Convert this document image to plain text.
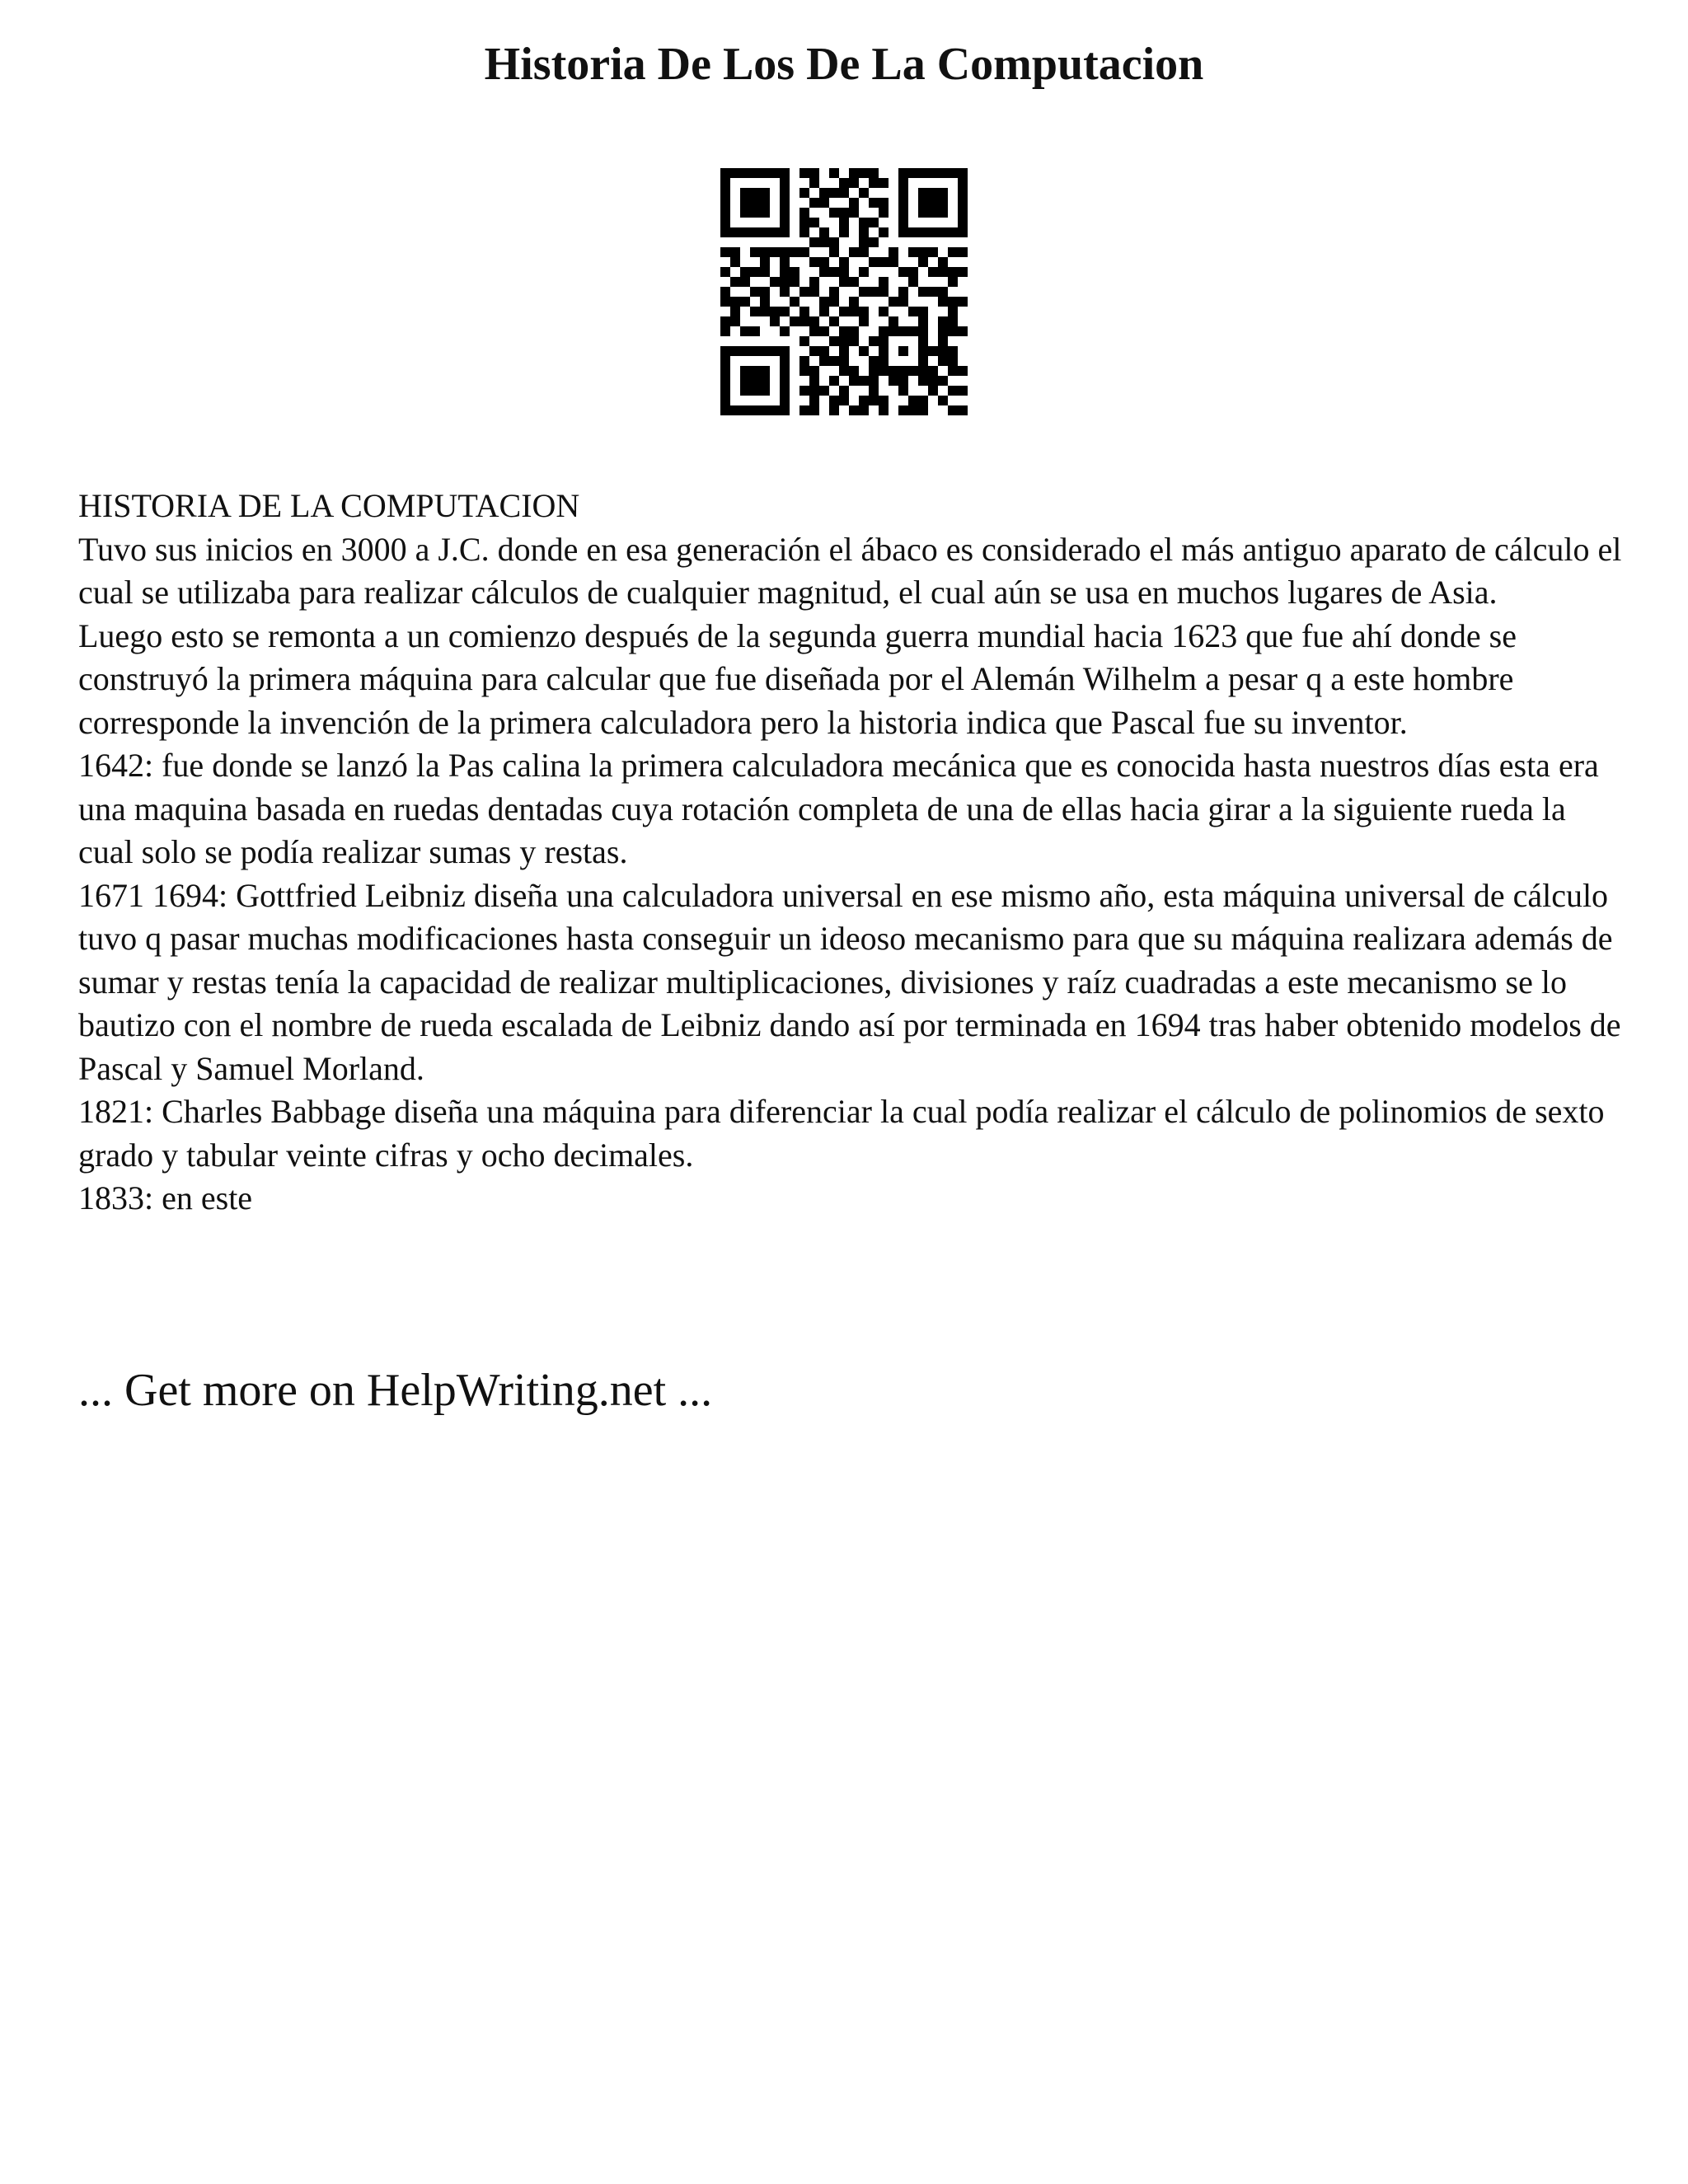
Historia De Los De La Computacion

HISTORIA DE LA COMPUTACION

Tuvo sus inicios en 3000 a J.C. donde en esa generación el ábaco es considerado el más antiguo aparato de cálculo el cual se utilizaba para realizar cálculos de cualquier magnitud, el cual aún se usa en muchos lugares de Asia.

Luego esto se remonta a un comienzo después de la segunda guerra mundial hacia 1623 que fue ahí donde se construyó la primera máquina para calcular que fue diseñada por el Alemán Wilhelm a pesar q a este hombre corresponde la invención de la primera calculadora pero la historia indica que Pascal fue su inventor.

1642: fue donde se lanzó la Pas calina la primera calculadora mecánica que es conocida hasta nuestros días esta era una maquina basada en ruedas dentadas cuya rotación completa de una de ellas hacia girar a la siguiente rueda la cual solo se podía realizar sumas y restas.

1671 1694: Gottfried Leibniz diseña una calculadora universal en ese mismo año, esta máquina universal de cálculo tuvo q pasar muchas modificaciones hasta conseguir un ideoso mecanismo para que su máquina realizara además de sumar y restas tenía la capacidad de realizar multiplicaciones, divisiones y raíz cuadradas a este mecanismo se lo bautizo con el nombre de rueda escalada de Leibniz dando así por terminada en 1694 tras haber obtenido modelos de Pascal y Samuel Morland.

1821: Charles Babbage diseña una máquina para diferenciar la cual podía realizar el cálculo de polinomios de sexto grado y tabular veinte cifras y ocho decimales.

1833: en este

... Get more on HelpWriting.net ...
